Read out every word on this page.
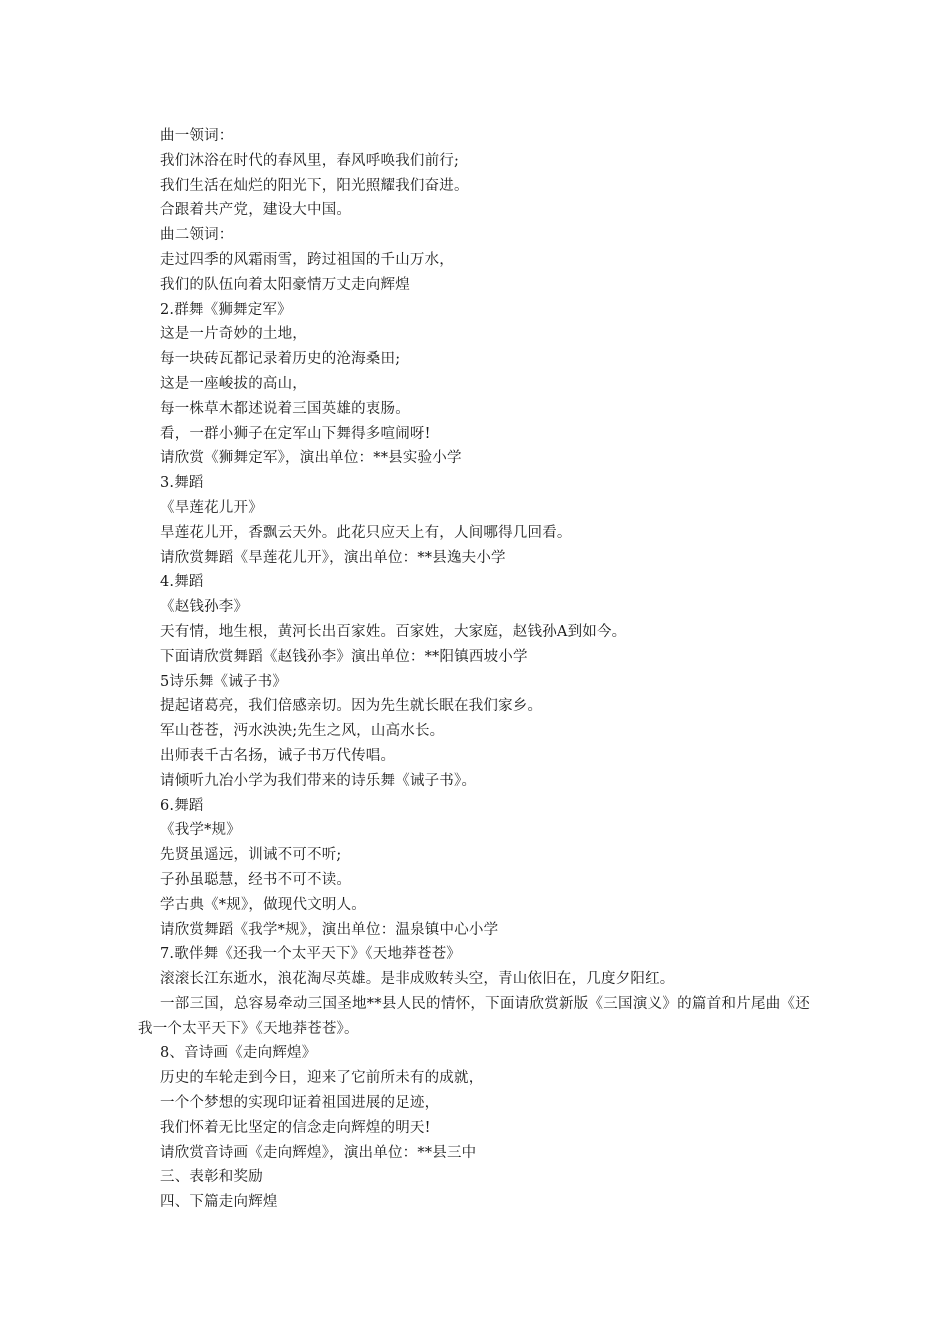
曲一领词：

我们沐浴在时代的春风里，春风呼唤我们前行;

我们生活在灿烂的阳光下，阳光照耀我们奋进。

合跟着共产党，建设大中国。

曲二领词：

走过四季的风霜雨雪，跨过祖国的千山万水，

我们的队伍向着太阳豪情万丈走向辉煌

2.群舞《狮舞定军》

这是一片奇妙的土地，

每一块砖瓦都记录着历史的沧海桑田;

这是一座峻拔的高山，

每一株草木都述说着三国英雄的衷肠。

看，一群小狮子在定军山下舞得多喧闹呀!

请欣赏《狮舞定军》，演出单位：**县实验小学

3.舞蹈

《旱莲花儿开》

旱莲花儿开，香飘云天外。此花只应天上有，人间哪得几回看。

请欣赏舞蹈《旱莲花儿开》，演出单位：**县逸夫小学

4.舞蹈

《赵钱孙李》

天有情，地生根，黄河长出百家姓。百家姓，大家庭，赵钱孙A到如今。

下面请欣赏舞蹈《赵钱孙李》演出单位：**阳镇西坡小学

5诗乐舞《诫子书》

提起诸葛亮，我们倍感亲切。因为先生就长眠在我们家乡。

军山苍苍，沔水泱泱;先生之风，山高水长。

出师表千古名扬，诫子书万代传唱。

请倾听九冶小学为我们带来的诗乐舞《诫子书》。

6.舞蹈

《我学*规》

先贤虽遥远，训诫不可不听;

子孙虽聪慧，经书不可不读。

学古典《*规》，做现代文明人。

请欣赏舞蹈《我学*规》，演出单位：温泉镇中心小学

7.歌伴舞《还我一个太平天下》《天地莽苍苍》

滚滚长江东逝水，浪花淘尽英雄。是非成败转头空，青山依旧在，几度夕阳红。

一部三国，总容易牵动三国圣地**县人民的情怀，下面请欣赏新版《三国演义》的篇首和片尾曲《还我一个太平天下》《天地莽苍苍》。

8、音诗画《走向辉煌》

历史的车轮走到今日，迎来了它前所未有的成就，

一个个梦想的实现印证着祖国进展的足迹，

我们怀着无比坚定的信念走向辉煌的明天!

请欣赏音诗画《走向辉煌》，演出单位：**县三中

三、表彰和奖励

四、下篇走向辉煌
